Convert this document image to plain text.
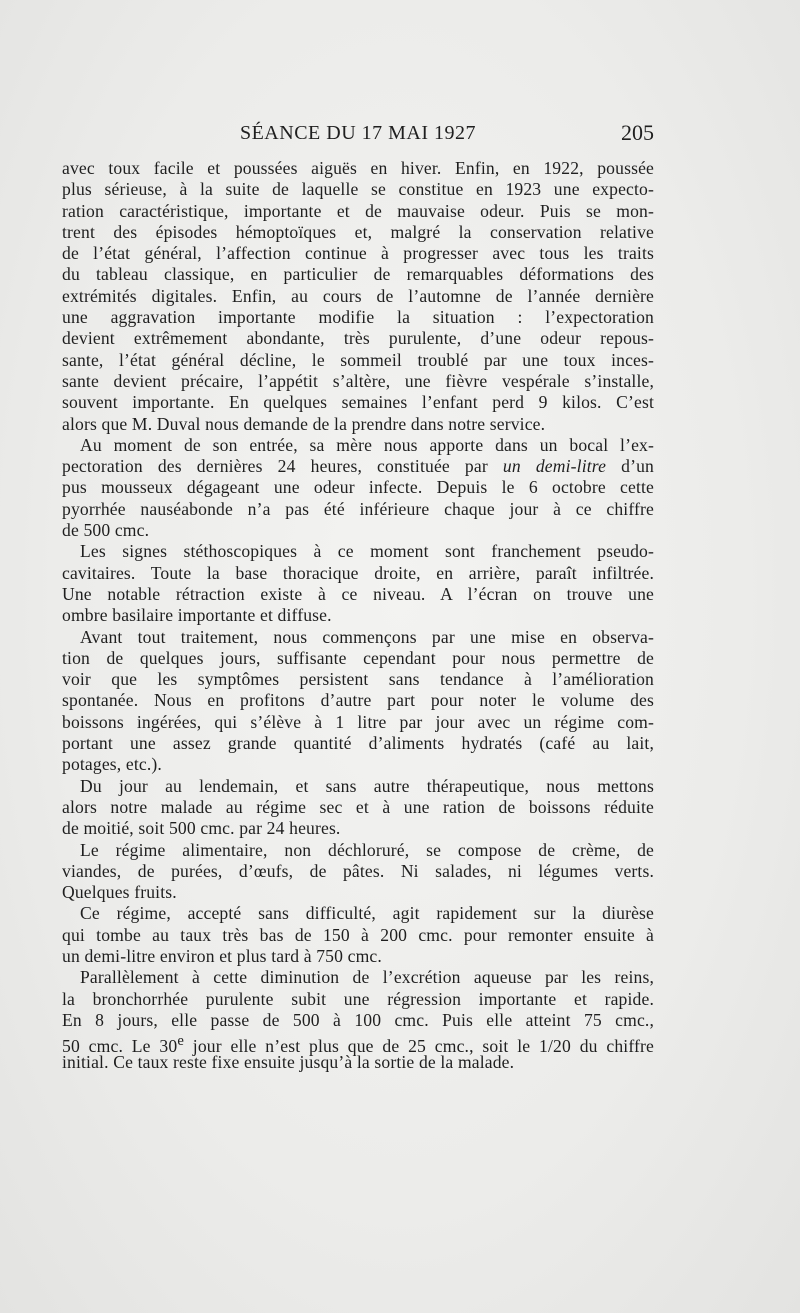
SÉANCE DU 17 MAI 1927	205
avec toux facile et poussées aiguës en hiver. Enfin, en 1922, poussée
plus sérieuse, à la suite de laquelle se constitue en 1923 une expecto-
ration caractéristique, importante et de mauvaise odeur. Puis se mon-
trent des épisodes hémoptoïques et, malgré la conservation relative
de l’état général, l’affection continue à progresser avec tous les traits
du tableau classique, en particulier de remarquables déformations des
extrémités digitales. Enfin, au cours de l’automne de l’année dernière
une aggravation importante modifie la situation : l’expectoration
devient extrêmement abondante, très purulente, d’une odeur repous-
sante, l’état général décline, le sommeil troublé par une toux inces-
sante devient précaire, l’appétit s’altère, une fièvre vespérale s’installe,
souvent importante. En quelques semaines l’enfant perd 9 kilos. C’est
alors que M. Duval nous demande de la prendre dans notre service.
Au moment de son entrée, sa mère nous apporte dans un bocal l’ex-
pectoration des dernières 24 heures, constituée par un demi-litre d’un
pus mousseux dégageant une odeur infecte. Depuis le 6 octobre cette
pyorrhée nauséabonde n’a pas été inférieure chaque jour à ce chiffre
de 500 cmc.
Les signes stéthoscopiques à ce moment sont franchement pseudo-
cavitaires. Toute la base thoracique droite, en arrière, paraît infiltrée.
Une notable rétraction existe à ce niveau. A l’écran on trouve une
ombre basilaire importante et diffuse.
Avant tout traitement, nous commençons par une mise en observa-
tion de quelques jours, suffisante cependant pour nous permettre de
voir que les symptômes persistent sans tendance à l’amélioration
spontanée. Nous en profitons d’autre part pour noter le volume des
boissons ingérées, qui s’élève à 1 litre par jour avec un régime com-
portant une assez grande quantité d’aliments hydratés (café au lait,
potages, etc.).
Du jour au lendemain, et sans autre thérapeutique, nous mettons
alors notre malade au régime sec et à une ration de boissons réduite
de moitié, soit 500 cmc. par 24 heures.
Le régime alimentaire, non déchloruré, se compose de crème, de
viandes, de purées, d’œufs, de pâtes. Ni salades, ni légumes verts.
Quelques fruits.
Ce régime, accepté sans difficulté, agit rapidement sur la diurèse
qui tombe au taux très bas de 150 à 200 cmc. pour remonter ensuite à
un demi-litre environ et plus tard à 750 cmc.
Parallèlement à cette diminution de l’excrétion aqueuse par les reins,
la bronchorrhée purulente subit une régression importante et rapide.
En 8 jours, elle passe de 500 à 100 cmc. Puis elle atteint 75 cmc.,
50 cmc. Le 30e jour elle n’est plus que de 25 cmc., soit le 1/20 du chiffre
initial. Ce taux reste fixe ensuite jusqu’à la sortie de la malade.
